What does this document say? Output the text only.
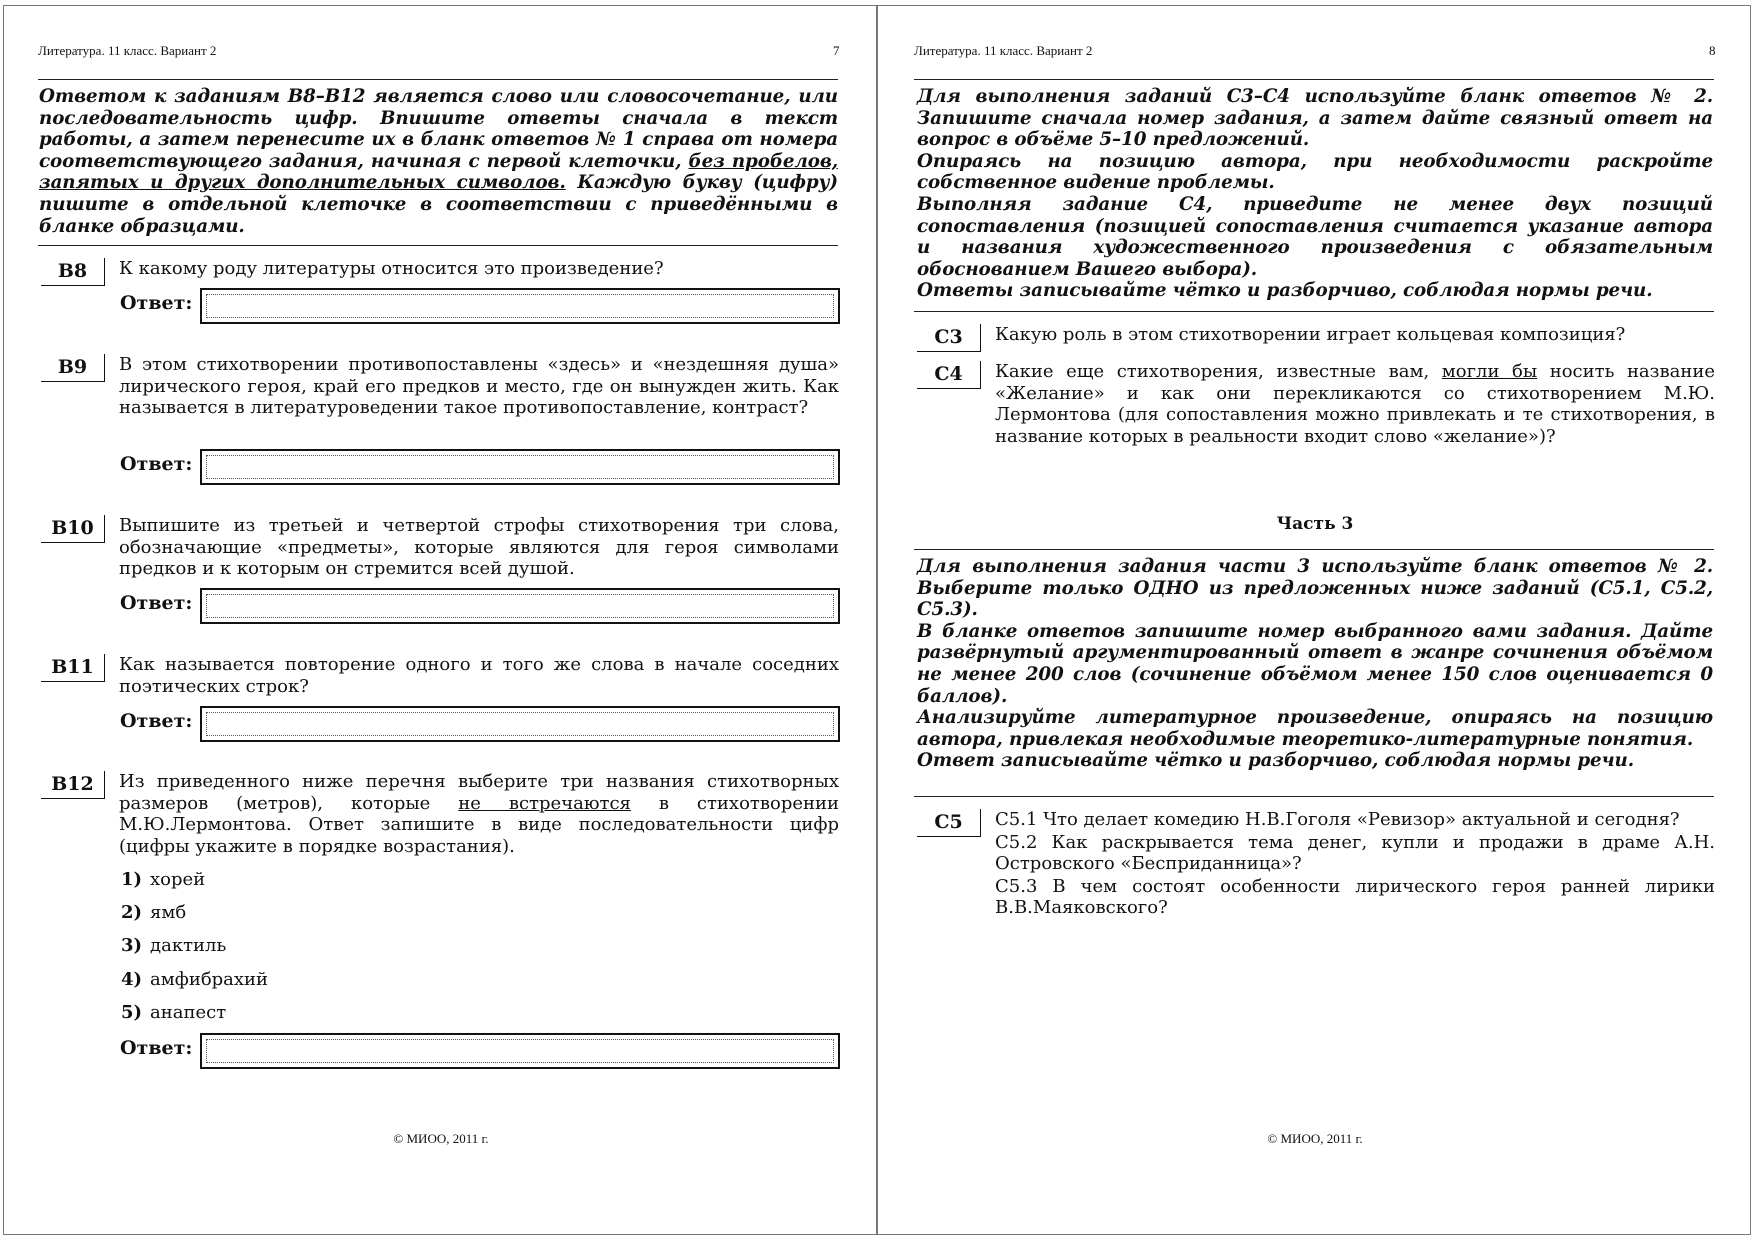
Литература. 11 класс. Вариант 2	7

Ответом к заданиям В8–В12 является слово или словосочетание, или последовательность цифр. Впишите ответы сначала в текст работы, а затем перенесите их в бланк ответов № 1 справа от номера соответствующего задания, начиная с первой клеточки, без пробелов, запятых и других дополнительных символов. Каждую букву (цифру) пишите в отдельной клеточке в соответствии с приведёнными в бланке образцами.

В8	К какому роду литературы относится это произведение?
Ответ:
В9	В этом стихотворении противопоставлены «здесь» и «нездешняя душа» лирического героя, край его предков и место, где он вынужден жить. Как называется в литературоведении такое противопоставление, контраст?
Ответ:
В10	Выпишите из третьей и четвертой строфы стихотворения три слова, обозначающие «предметы», которые являются для героя символами предков и к которым он стремится всей душой.
Ответ:
В11	Как называется повторение одного и того же слова в начале соседних поэтических строк?
Ответ:
В12	Из приведенного ниже перечня выберите три названия стихотворных размеров (метров), которые не встречаются в стихотворении М.Ю.Лермонтова. Ответ запишите в виде последовательности цифр (цифры укажите в порядке возрастания).
1) хорей
2) ямб
3) дактиль
4) амфибрахий
5) анапест
Ответ:
© МИОО, 2011 г.
Литература. 11 класс. Вариант 2	8

Для выполнения заданий С3–С4 используйте бланк ответов № 2. Запишите сначала номер задания, а затем дайте связный ответ на вопрос в объёме 5–10 предложений.

Опираясь на позицию автора, при необходимости раскройте собственное видение проблемы.

Выполняя задание С4, приведите не менее двух позиций сопоставления (позицией сопоставления считается указание автора и названия художественного произведения с обязательным обоснованием Вашего выбора).

Ответы записывайте чётко и разборчиво, соблюдая нормы речи.

С3	Какую роль в этом стихотворении играет кольцевая композиция?
С4	Какие еще стихотворения, известные вам, могли бы носить название «Желание» и как они перекликаются со стихотворением М.Ю. Лермонтова (для сопоставления можно привлекать и те стихотворения, в название которых в реальности входит слово «желание»)?
Часть 3

Для выполнения задания части 3 используйте бланк ответов № 2. Выберите только ОДНО из предложенных ниже заданий (С5.1, С5.2, С5.3).

В бланке ответов запишите номер выбранного вами задания. Дайте развёрнутый аргументированный ответ в жанре сочинения объёмом не менее 200 слов (сочинение объёмом менее 150 слов оценивается 0 баллов).

Анализируйте литературное произведение, опираясь на позицию автора, привлекая необходимые теоретико-литературные понятия.

Ответ записывайте чётко и разборчиво, соблюдая нормы речи.

С5	С5.1 Что делает комедию Н.В.Гоголя «Ревизор» актуальной и сегодня?

С5.2 Как раскрывается тема денег, купли и продажи в драме А.Н. Островского «Бесприданница»?

С5.3 В чем состоят особенности лирического героя ранней лирики В.В.Маяковского?

© МИОО, 2011 г.
